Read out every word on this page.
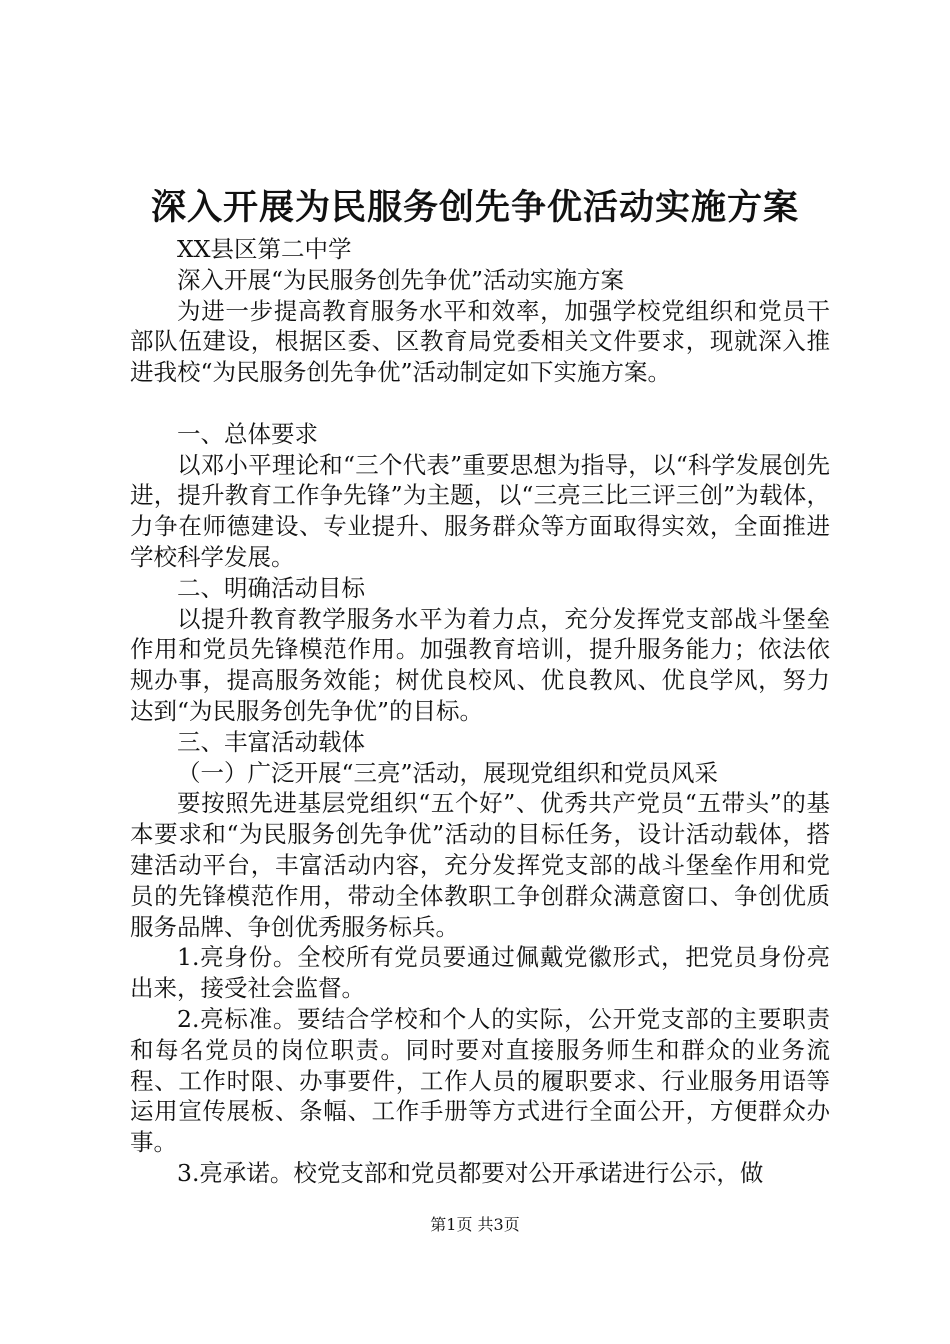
深入开展为民服务创先争优活动实施方案

XX县区第二中学

深入开展“为民服务创先争优”活动实施方案

为进一步提高教育服务水平和效率，加强学校党组织和党员干部队伍建设，根据区委、区教育局党委相关文件要求，现就深入推进我校“为民服务创先争优”活动制定如下实施方案。

一、总体要求

以邓小平理论和“三个代表”重要思想为指导，以“科学发展创先进，提升教育工作争先锋”为主题，以“三亮三比三评三创”为载体，力争在师德建设、专业提升、服务群众等方面取得实效，全面推进学校科学发展。

二、明确活动目标

以提升教育教学服务水平为着力点，充分发挥党支部战斗堡垒作用和党员先锋模范作用。加强教育培训，提升服务能力；依法依规办事，提高服务效能；树优良校风、优良教风、优良学风，努力达到“为民服务创先争优”的目标。

三、丰富活动载体

（一）广泛开展“三亮”活动，展现党组织和党员风采

要按照先进基层党组织“五个好”、优秀共产党员“五带头”的基本要求和“为民服务创先争优”活动的目标任务，设计活动载体，搭建活动平台，丰富活动内容，充分发挥党支部的战斗堡垒作用和党员的先锋模范作用，带动全体教职工争创群众满意窗口、争创优质服务品牌、争创优秀服务标兵。

1.亮身份。全校所有党员要通过佩戴党徽形式，把党员身份亮出来，接受社会监督。

2.亮标准。要结合学校和个人的实际，公开党支部的主要职责和每名党员的岗位职责。同时要对直接服务师生和群众的业务流程、工作时限、办事要件，工作人员的履职要求、行业服务用语等运用宣传展板、条幅、工作手册等方式进行全面公开，方便群众办事。

3.亮承诺。校党支部和党员都要对公开承诺进行公示，做

第1页 共3页
